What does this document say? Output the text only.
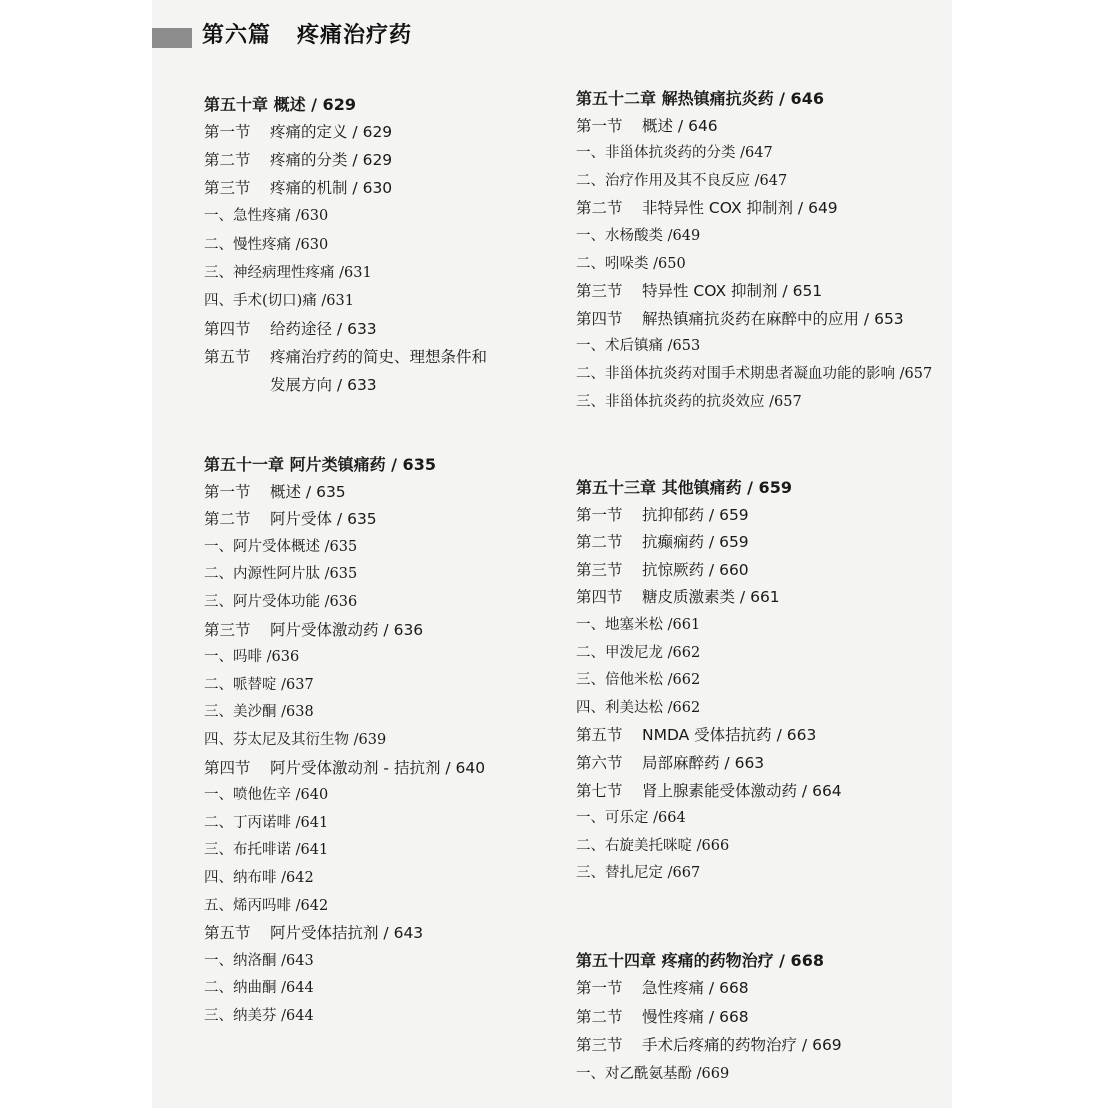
第六篇   疼痛治疗药
第五十章 概述 / 629
第一节 疼痛的定义 / 629
第二节 疼痛的分类 / 629
第三节 疼痛的机制 / 630
一、急性疼痛 /630
二、慢性疼痛 /630
三、神经病理性疼痛 /631
四、手术(切口)痛 /631
第四节 给药途径 / 633
第五节 疼痛治疗药的简史、理想条件和
发展方向 / 633
第五十一章 阿片类镇痛药 / 635
第一节 概述 / 635
第二节 阿片受体 / 635
一、阿片受体概述 /635
二、内源性阿片肽 /635
三、阿片受体功能 /636
第三节 阿片受体激动药 / 636
一、吗啡 /636
二、哌替啶 /637
三、美沙酮 /638
四、芬太尼及其衍生物 /639
第四节 阿片受体激动剂 - 拮抗剂 / 640
一、喷他佐辛 /640
二、丁丙诺啡 /641
三、布托啡诺 /641
四、纳布啡 /642
五、烯丙吗啡 /642
第五节 阿片受体拮抗剂 / 643
一、纳洛酮 /643
二、纳曲酮 /644
三、纳美芬 /644
第五十二章 解热镇痛抗炎药 / 646
第一节 概述 / 646
一、非甾体抗炎药的分类 /647
二、治疗作用及其不良反应 /647
第二节 非特异性 COX 抑制剂 / 649
一、水杨酸类 /649
二、吲哚类 /650
第三节 特异性 COX 抑制剂 / 651
第四节 解热镇痛抗炎药在麻醉中的应用 / 653
一、术后镇痛 /653
二、非甾体抗炎药对围手术期患者凝血功能的影响 /657
三、非甾体抗炎药的抗炎效应 /657
第五十三章 其他镇痛药 / 659
第一节 抗抑郁药 / 659
第二节 抗癫痫药 / 659
第三节 抗惊厥药 / 660
第四节 糖皮质激素类 / 661
一、地塞米松 /661
二、甲泼尼龙 /662
三、倍他米松 /662
四、利美达松 /662
第五节 NMDA 受体拮抗药 / 663
第六节 局部麻醉药 / 663
第七节 肾上腺素能受体激动药 / 664
一、可乐定 /664
二、右旋美托咪啶 /666
三、替扎尼定 /667
第五十四章 疼痛的药物治疗 / 668
第一节 急性疼痛 / 668
第二节 慢性疼痛 / 668
第三节 手术后疼痛的药物治疗 / 669
一、对乙酰氨基酚 /669
